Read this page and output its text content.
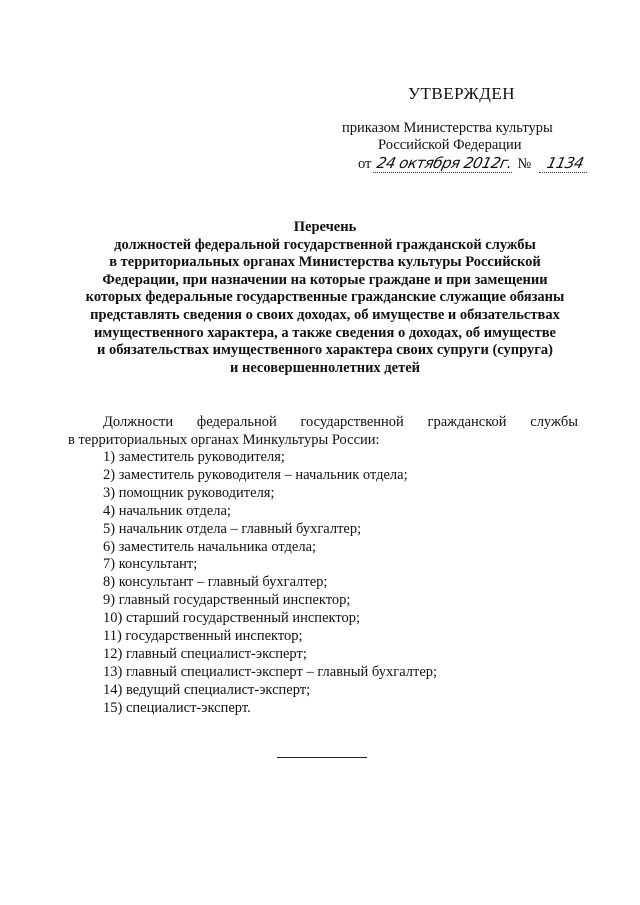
УТВЕРЖДЕН
приказом Министерства культуры
Российской Федерации
от 24 октября 2012г. № 1134
Перечень
должностей федеральной государственной гражданской службы
в территориальных органах Министерства культуры Российской
Федерации, при назначении на которые граждане и при замещении
которых федеральные государственные гражданские служащие обязаны
представлять сведения о своих доходах, об имуществе и обязательствах
имущественного характера, а также сведения о доходах, об имуществе
и обязательствах имущественного характера своих супруги (супруга)
и несовершеннолетних детей
Должности федеральной государственной гражданской службы
в территориальных органах Минкультуры России:
1) заместитель руководителя;
2) заместитель руководителя – начальник отдела;
3) помощник руководителя;
4) начальник отдела;
5) начальник отдела – главный бухгалтер;
6) заместитель начальника отдела;
7) консультант;
8) консультант – главный бухгалтер;
9) главный государственный инспектор;
10) старший государственный инспектор;
11) государственный инспектор;
12) главный специалист-эксперт;
13) главный специалист-эксперт – главный бухгалтер;
14) ведущий специалист-эксперт;
15) специалист-эксперт.
